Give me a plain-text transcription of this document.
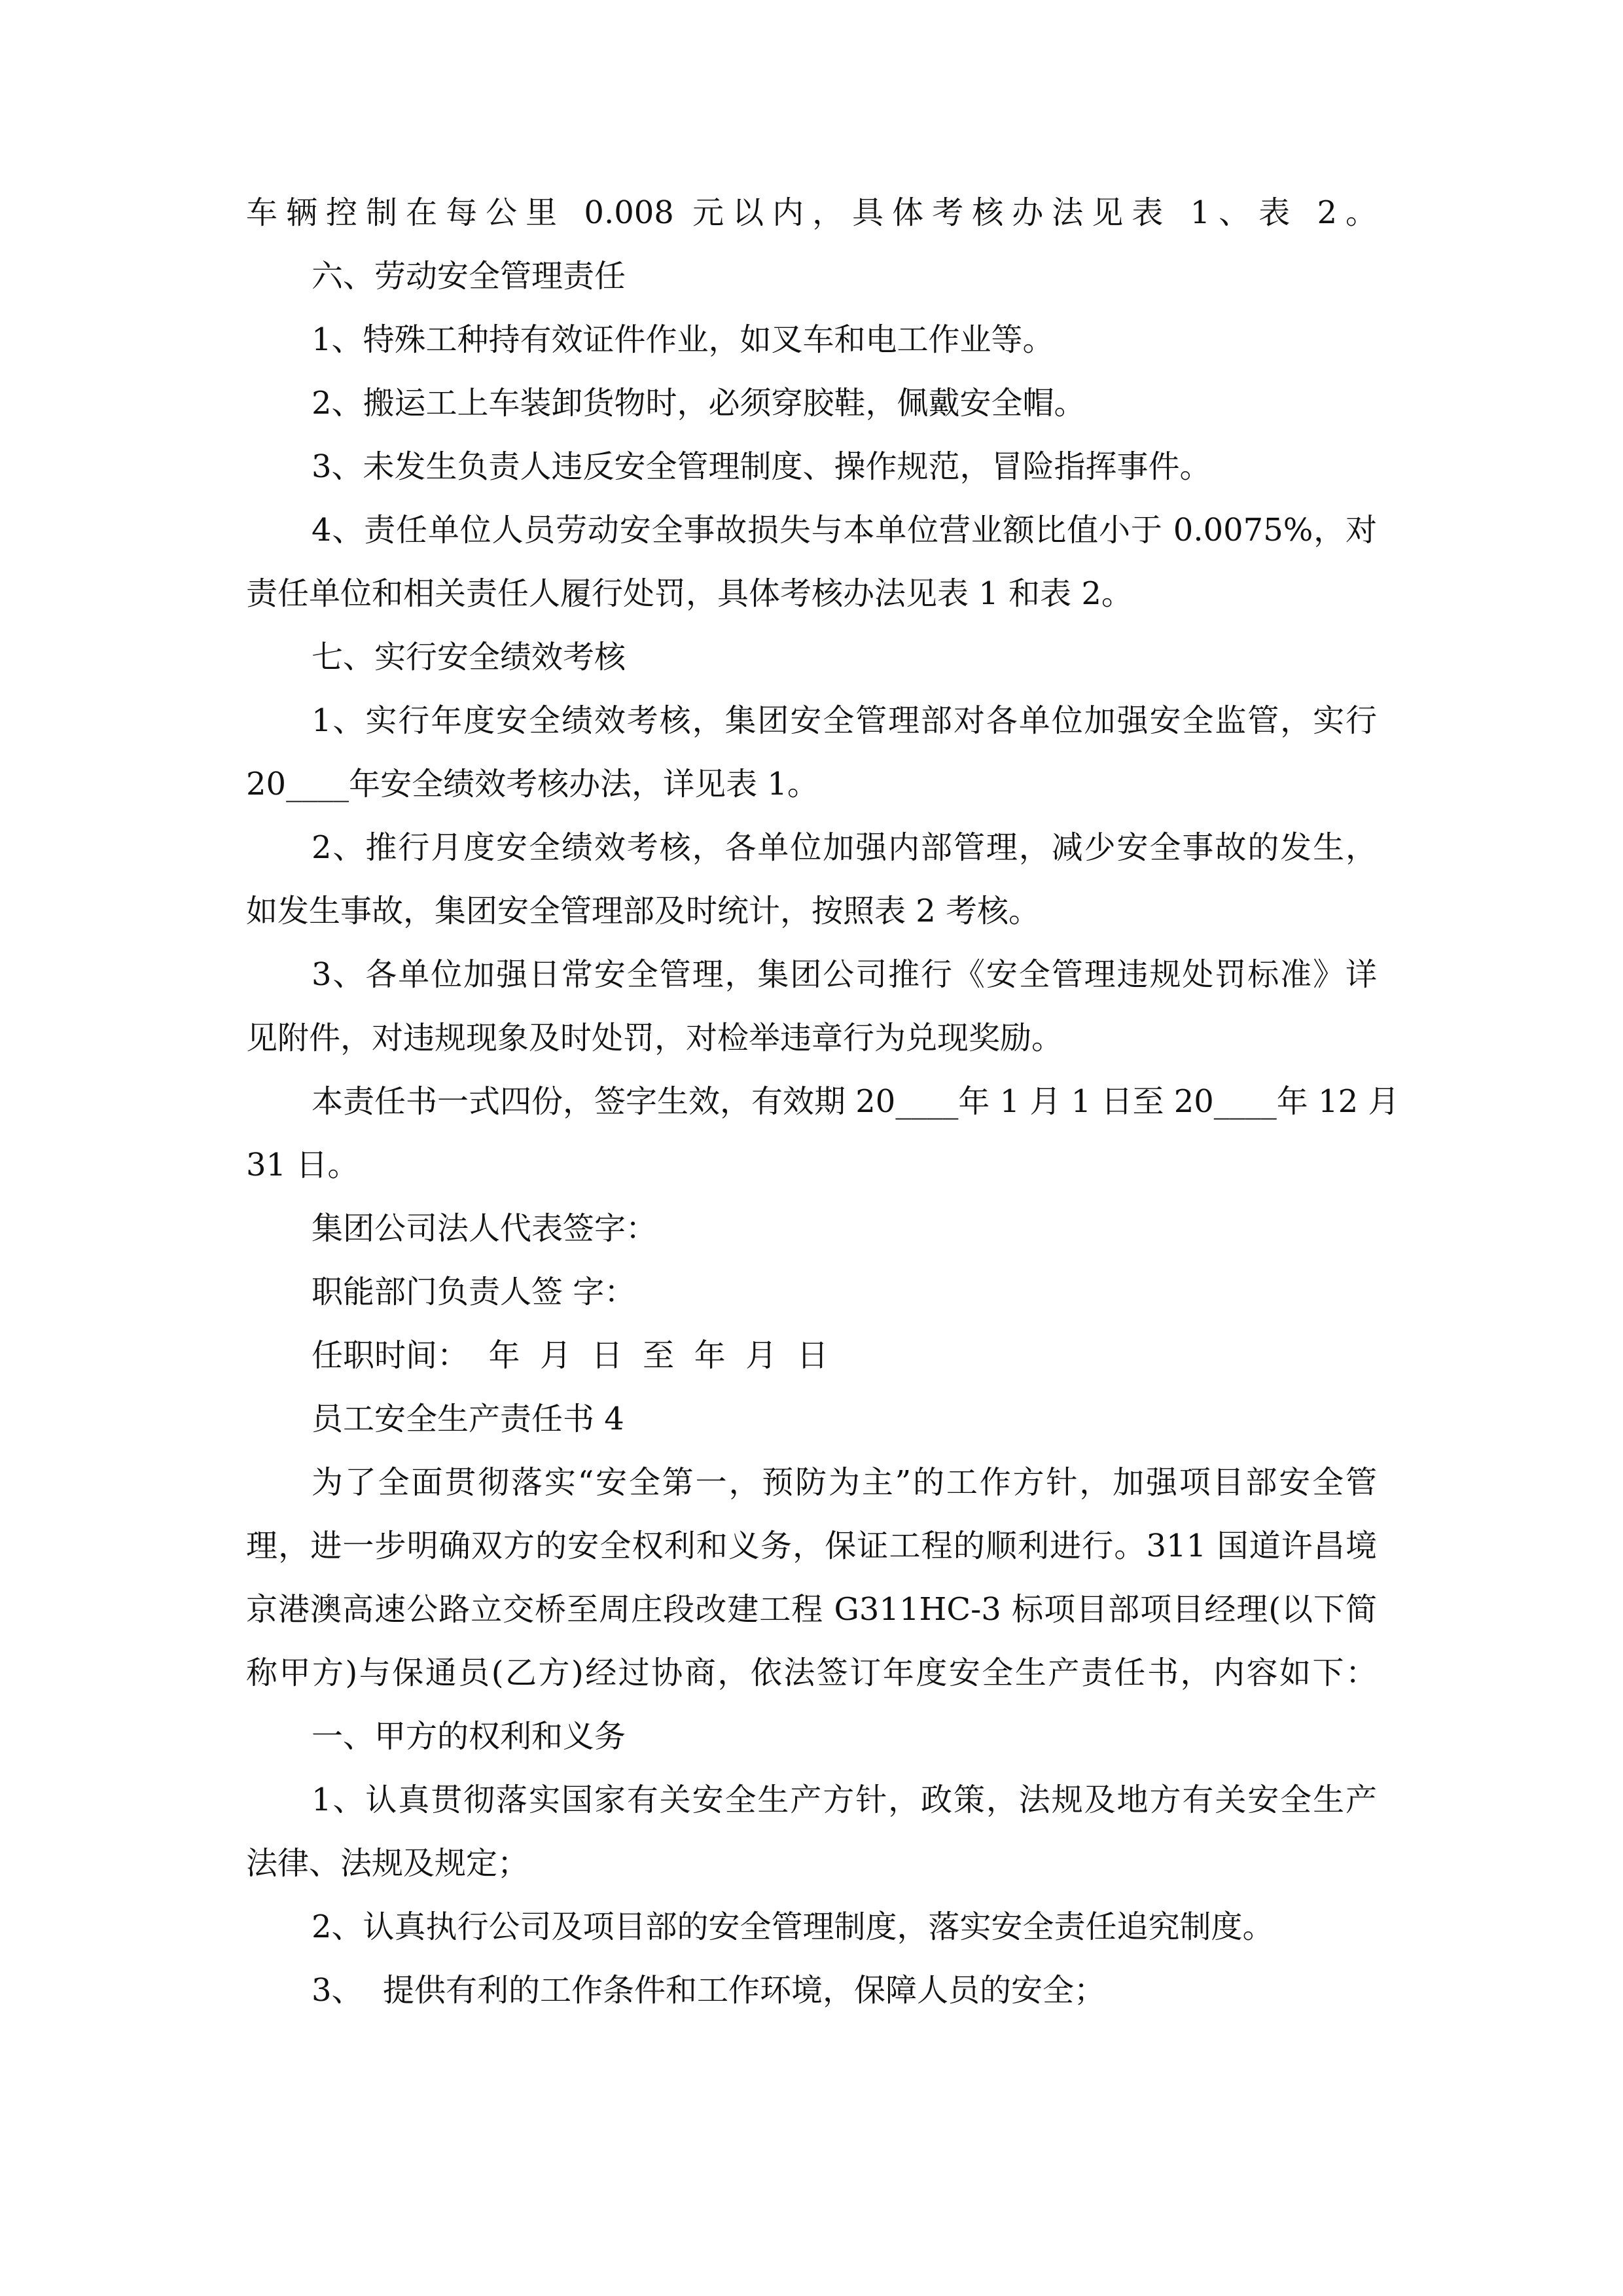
车辆控制在每公里 0.008 元以内，具体考核办法见表 1、表 2。
六、劳动安全管理责任
1、特殊工种持有效证件作业，如叉车和电工作业等。
2、搬运工上车装卸货物时，必须穿胶鞋，佩戴安全帽。
3、未发生负责人违反安全管理制度、操作规范，冒险指挥事件。
4、责任单位人员劳动安全事故损失与本单位营业额比值小于 0.0075%，对
责任单位和相关责任人履行处罚，具体考核办法见表 1 和表 2。
七、实行安全绩效考核
1、实行年度安全绩效考核，集团安全管理部对各单位加强安全监管，实行
20____年安全绩效考核办法，详见表 1。
2、推行月度安全绩效考核，各单位加强内部管理，减少安全事故的发生，
如发生事故，集团安全管理部及时统计，按照表 2 考核。
3、各单位加强日常安全管理，集团公司推行《安全管理违规处罚标准》详
见附件，对违规现象及时处罚，对检举违章行为兑现奖励。
本责任书一式四份，签字生效，有效期 20____年 1 月 1 日至 20____年 12 月
31 日。
集团公司法人代表签字：
职能部门负责人签 字：
任职时间：  年  月  日  至  年  月  日
员工安全生产责任书 4
为了全面贯彻落实“安全第一，预防为主”的工作方针，加强项目部安全管
理，进一步明确双方的安全权利和义务，保证工程的顺利进行。311 国道许昌境
京港澳高速公路立交桥至周庄段改建工程 G311HC-3 标项目部项目经理(以下简
称甲方)与保通员(乙方)经过协商，依法签订年度安全生产责任书，内容如下：
一、甲方的权利和义务
1、认真贯彻落实国家有关安全生产方针，政策，法规及地方有关安全生产
法律、法规及规定；
2、认真执行公司及项目部的安全管理制度，落实安全责任追究制度。
3、  提供有利的工作条件和工作环境，保障人员的安全；
